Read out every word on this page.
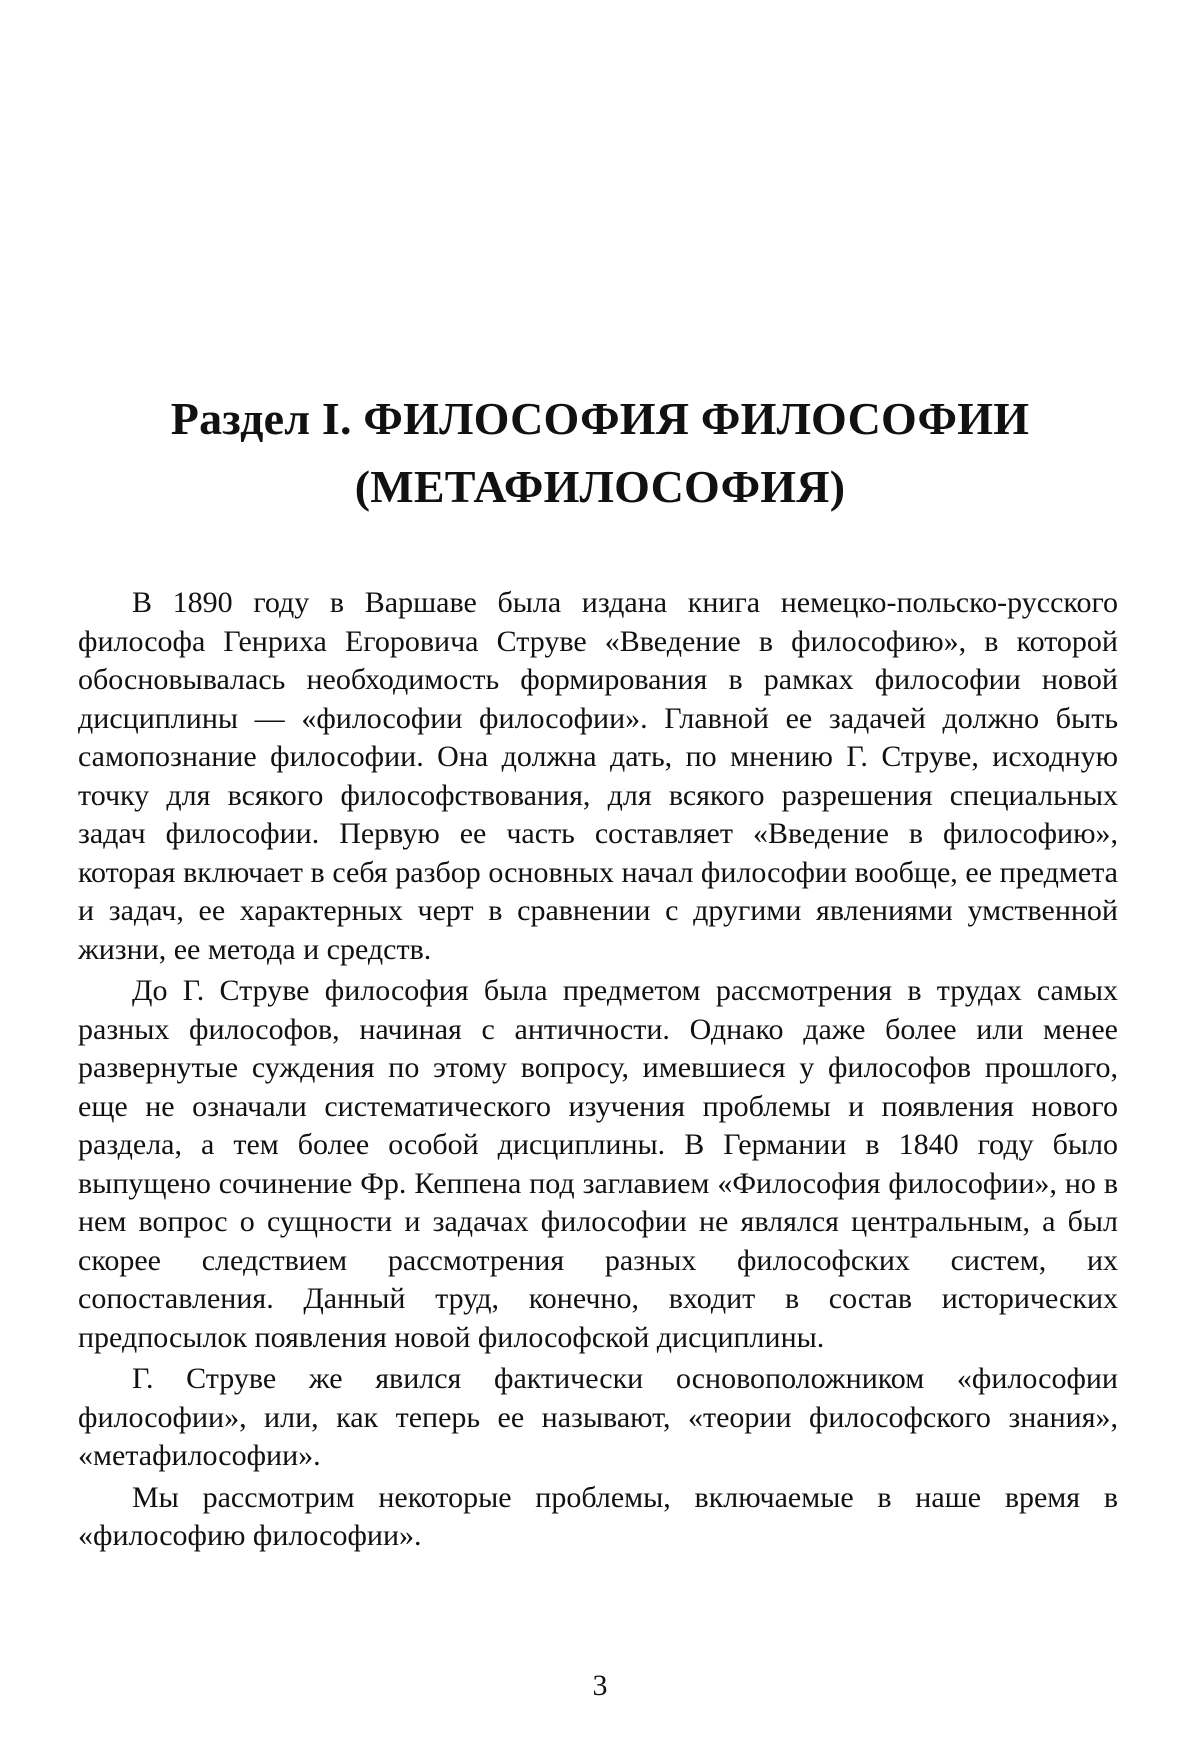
Раздел I. ФИЛОСОФИЯ ФИЛОСОФИИ
(МЕТАФИЛОСОФИЯ)

В 1890 году в Варшаве была издана книга немецко-польско-русского философа Генриха Егоровича Струве «Введение в философию», в которой обосновывалась необходимость формирования в рамках философии новой дисциплины — «философии философии». Главной ее задачей должно быть самопознание философии. Она должна дать, по мнению Г. Струве, исходную точку для всякого философствования, для всякого разрешения специальных задач философии. Первую ее часть составляет «Введение в философию», которая включает в себя разбор основных начал философии вообще, ее предмета и задач, ее характерных черт в сравнении с другими явлениями умственной жизни, ее метода и средств.

До Г. Струве философия была предметом рассмотрения в трудах самых разных философов, начиная с античности. Однако даже более или менее развернутые суждения по этому вопросу, имевшиеся у философов прошлого, еще не означали систематического изучения проблемы и появления нового раздела, а тем более особой дисциплины. В Германии в 1840 году было выпущено сочинение Фр. Кеппена под заглавием «Философия философии», но в нем вопрос о сущности и задачах философии не являлся центральным, а был скорее следствием рассмотрения разных философских систем, их сопоставления. Данный труд, конечно, входит в состав исторических предпосылок появления новой философской дисциплины.

Г. Струве же явился фактически основоположником «философии философии», или, как теперь ее называют, «теории философского знания», «метафилософии».

Мы рассмотрим некоторые проблемы, включаемые в наше время в «философию философии».

3
